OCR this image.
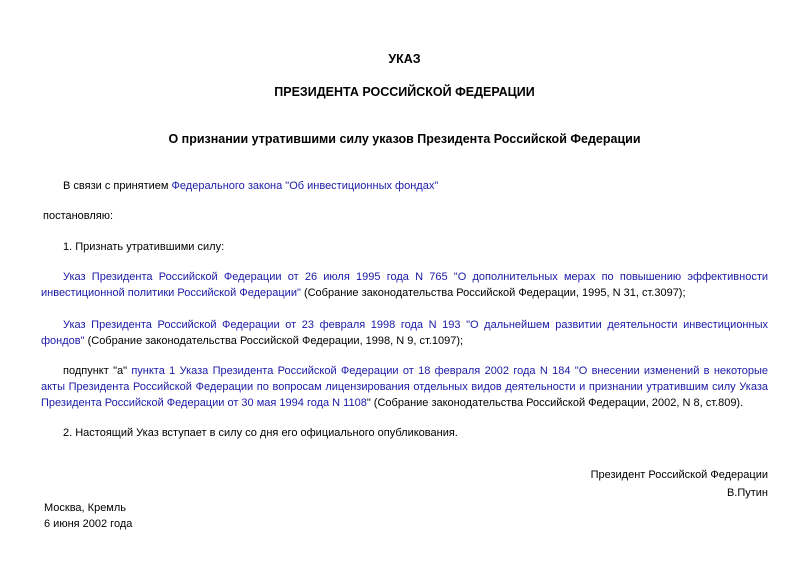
УКАЗ
ПРЕЗИДЕНТА РОССИЙСКОЙ ФЕДЕРАЦИИ
О признании утратившими силу указов Президента Российской Федерации

В связи с принятием Федерального закона "Об инвестиционных фондах"

постановляю:

1. Признать утратившими силу:

Указ Президента Российской Федерации от 26 июля 1995 года N 765 "О дополнительных мерах по повышению эффективности инвестиционной политики Российской Федерации" (Собрание законодательства Российской Федерации, 1995, N 31, ст.3097);

Указ Президента Российской Федерации от 23 февраля 1998 года N 193 "О дальнейшем развитии деятельности инвестиционных фондов" (Собрание законодательства Российской Федерации, 1998, N 9, ст.1097);

подпункт "а" пункта 1 Указа Президента Российской Федерации от 18 февраля 2002 года N 184 "О внесении изменений в некоторые акты Президента Российской Федерации по вопросам лицензирования отдельных видов деятельности и признании утратившим силу Указа Президента Российской Федерации от 30 мая 1994 года N 1108" (Собрание законодательства Российской Федерации, 2002, N 8, ст.809).

2. Настоящий Указ вступает в силу со дня его официального опубликования.

Президент Российской Федерации
В.Путин
Москва, Кремль
6 июня 2002 года
